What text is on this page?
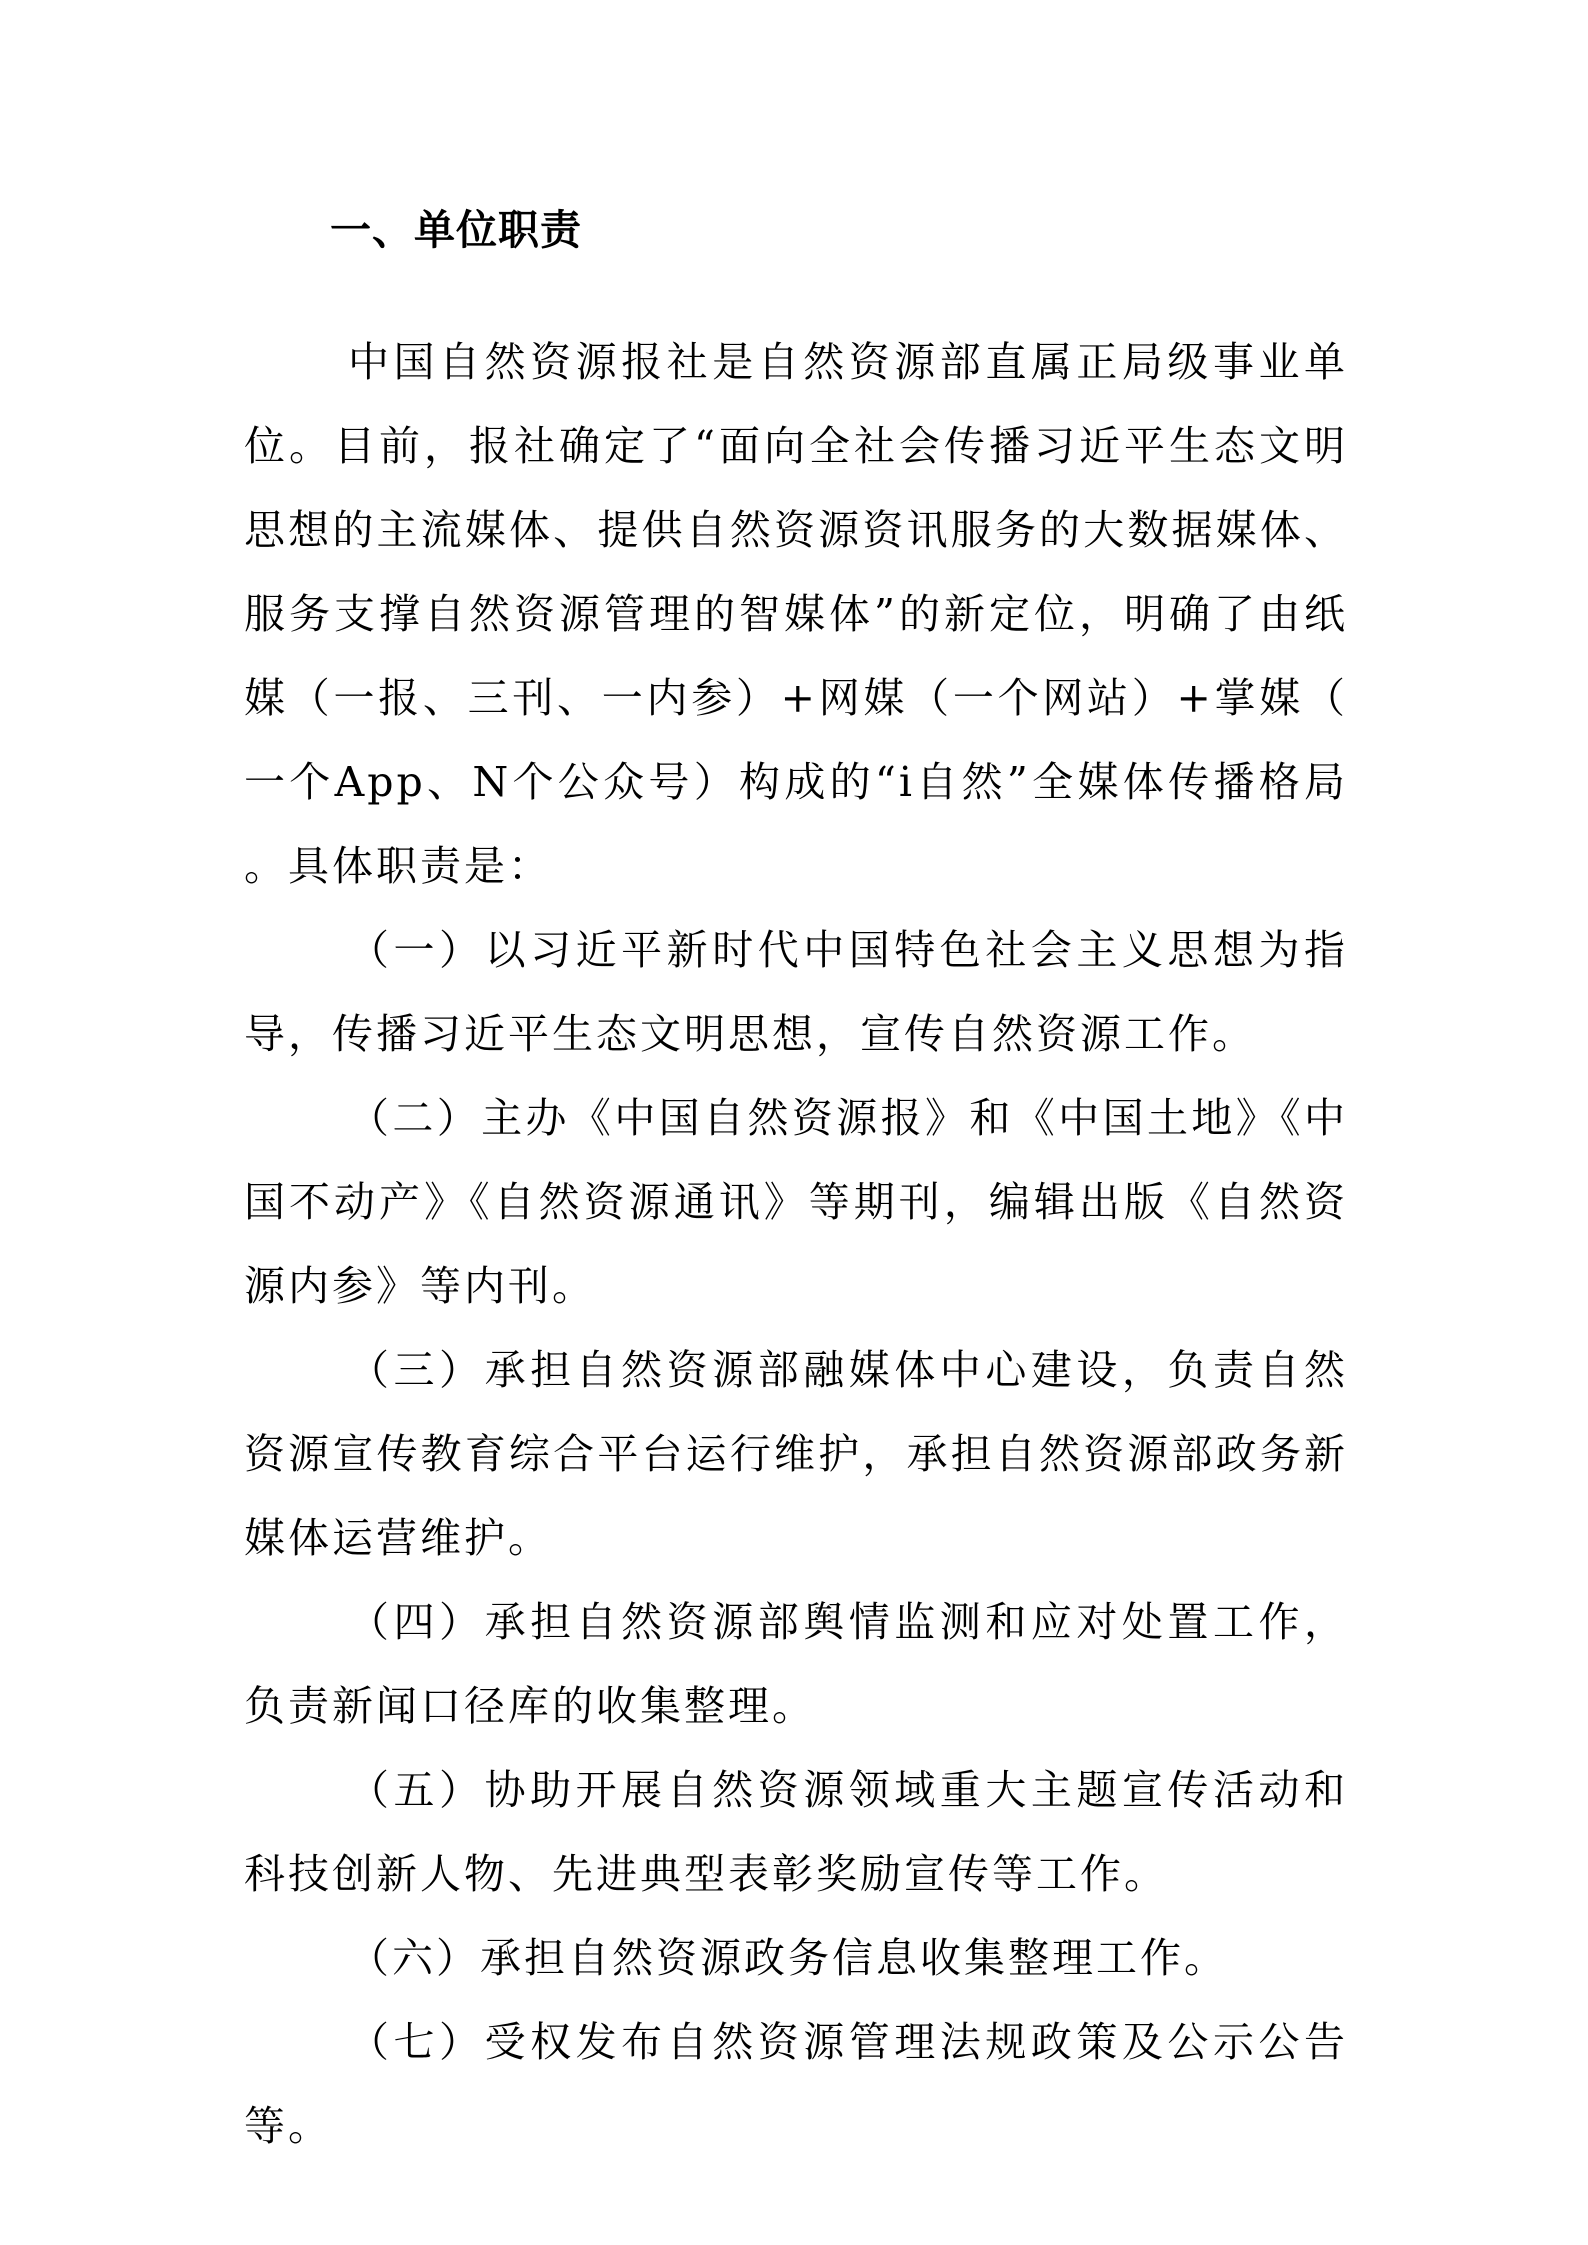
一、单位职责

中国自然资源报社是自然资源部直属正局级事业单位。目前，报社确定了“面向全社会传播习近平生态文明思想的主流媒体、提供自然资源资讯服务的大数据媒体、服务支撑自然资源管理的智媒体”的新定位，明确了由纸媒（一报、三刊、一内参）+网媒（一个网站）+掌媒（一个App、N个公众号）构成的“i自然”全媒体传播格局。具体职责是：

（一）以习近平新时代中国特色社会主义思想为指导，传播习近平生态文明思想，宣传自然资源工作。

（二）主办《中国自然资源报》和《中国土地》《中国不动产》《自然资源通讯》等期刊，编辑出版《自然资源内参》等内刊。

（三）承担自然资源部融媒体中心建设，负责自然资源宣传教育综合平台运行维护，承担自然资源部政务新媒体运营维护。

（四）承担自然资源部舆情监测和应对处置工作，负责新闻口径库的收集整理。

（五）协助开展自然资源领域重大主题宣传活动和科技创新人物、先进典型表彰奖励宣传等工作。

（六）承担自然资源政务信息收集整理工作。

（七）受权发布自然资源管理法规政策及公示公告等。
